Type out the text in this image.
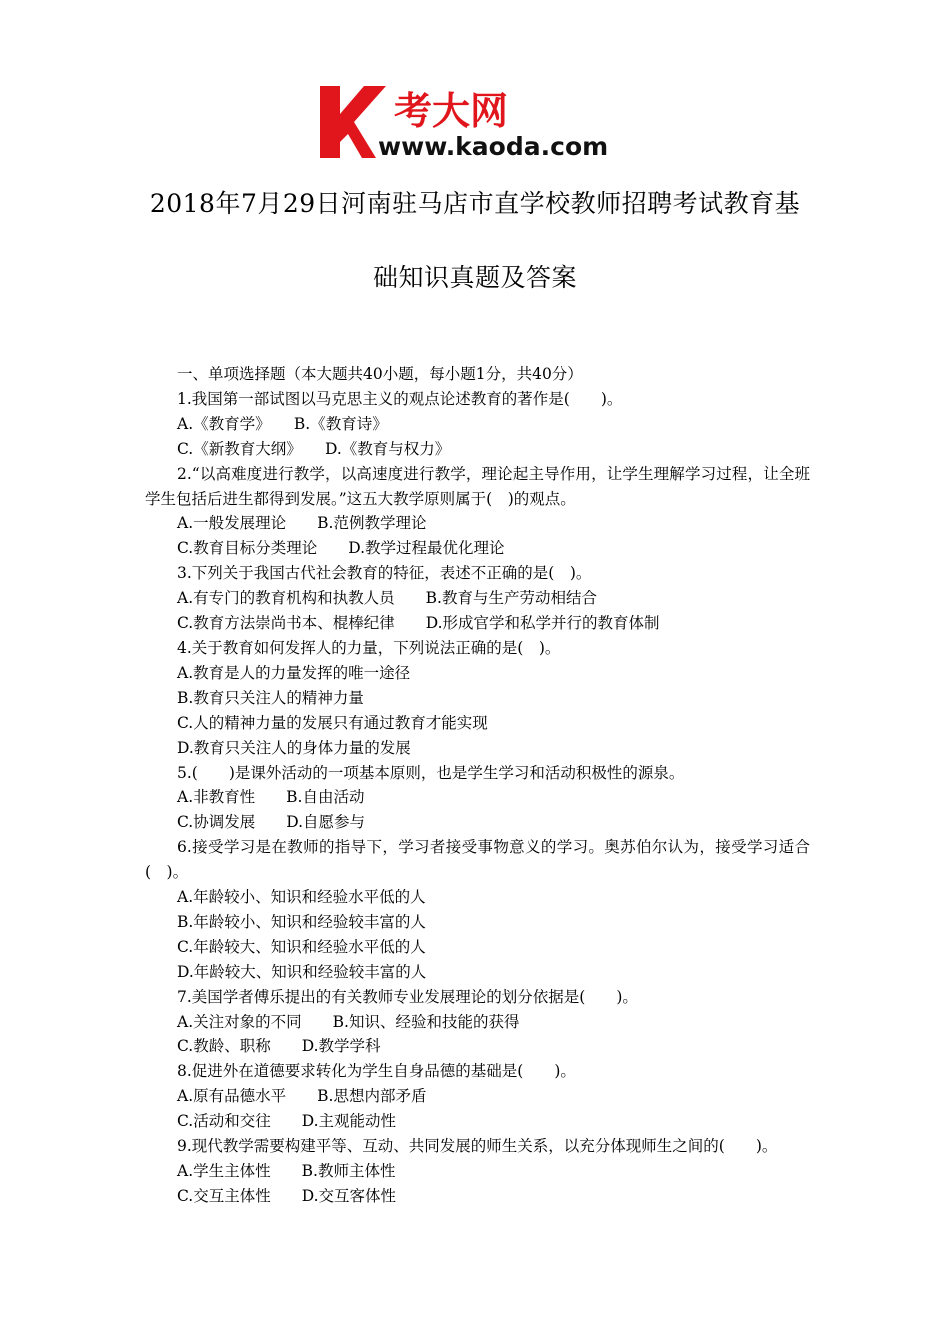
考大网
www.kaoda.com
2018年7月29日河南驻马店市直学校教师招聘考试教育基
础知识真题及答案
一、单项选择题（本大题共40小题，每小题1分，共40分）
1.我国第一部试图以马克思主义的观点论述教育的著作是(　　)。
A.《教育学》　　B.《教育诗》
C.《新教育大纲》　　D.《教育与权力》
2.“以高难度进行教学，以高速度进行教学，理论起主导作用，让学生理解学习过程，让全班学生包括后进生都得到发展。”这五大教学原则属于(　)的观点。
A.一般发展理论　　B.范例教学理论
C.教育目标分类理论　　D.教学过程最优化理论
3.下列关于我国古代社会教育的特征，表述不正确的是(　)。
A.有专门的教育机构和执教人员　　B.教育与生产劳动相结合
C.教育方法崇尚书本、棍棒纪律　　D.形成官学和私学并行的教育体制
4.关于教育如何发挥人的力量，下列说法正确的是(　)。
A.教育是人的力量发挥的唯一途径
B.教育只关注人的精神力量
C.人的精神力量的发展只有通过教育才能实现
D.教育只关注人的身体力量的发展
5.(　　)是课外活动的一项基本原则，也是学生学习和活动积极性的源泉。
A.非教育性　　B.自由活动
C.协调发展　　D.自愿参与
6.接受学习是在教师的指导下，学习者接受事物意义的学习。奥苏伯尔认为，接受学习适合(　)。
A.年龄较小、知识和经验水平低的人
B.年龄较小、知识和经验较丰富的人
C.年龄较大、知识和经验水平低的人
D.年龄较大、知识和经验较丰富的人
7.美国学者傅乐提出的有关教师专业发展理论的划分依据是(　　)。
A.关注对象的不同　　B.知识、经验和技能的获得
C.教龄、职称　　D.教学学科
8.促进外在道德要求转化为学生自身品德的基础是(　　)。
A.原有品德水平　　B.思想内部矛盾
C.活动和交往　　D.主观能动性
9.现代教学需要构建平等、互动、共同发展的师生关系，以充分体现师生之间的(　　)。
A.学生主体性　　B.教师主体性
C.交互主体性　　D.交互客体性
